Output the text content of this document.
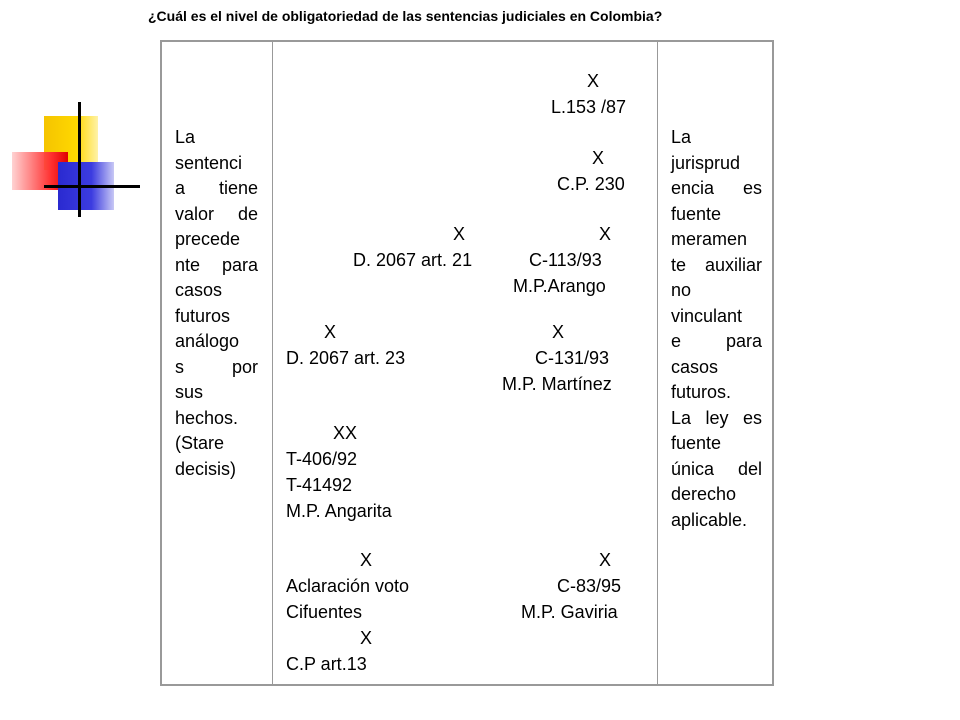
¿Cuál es el nivel de obligatoriedad de las sentencias judiciales en Colombia?
La
sentenci
a tiene
valor de
precede
nte para
casos
futuros
análogo
s por
sus
hechos.
(Stare
decisis)
La
jurisprud
encia es
fuente
meramen
te auxiliar
no
vinculant
e para
casos
futuros.
La ley es
fuente
única del
derecho
aplicable.
X
L.153 /87
X
C.P. 230
X
D. 2067 art. 21
X
C-113/93
M.P.Arango
X
D. 2067 art. 23
X
C-131/93
M.P. Martínez
XX
T-406/92
T-41492
M.P. Angarita
X
Aclaración voto
Cifuentes
X
C-83/95
M.P. Gaviria
X
C.P art.13
